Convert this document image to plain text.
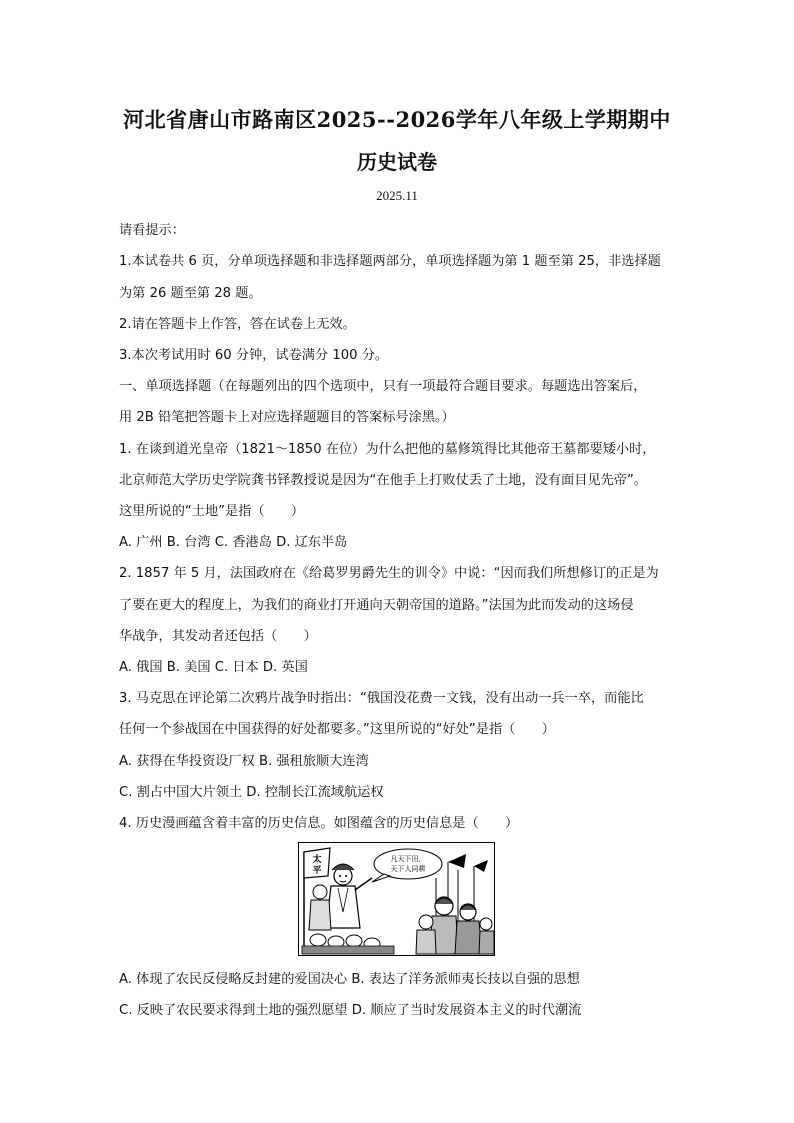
河北省唐山市路南区2025--2026学年八年级上学期期中
历史试卷
2025.11
请看提示：
1.本试卷共 6 页，分单项选择题和非选择题两部分，单项选择题为第 1 题至第 25，非选择题
为第 26 题至第 28 题。
2.请在答题卡上作答，答在试卷上无效。
3.本次考试用时 60 分钟，试卷满分 100 分。
一、单项选择题（在每题列出的四个选项中，只有一项最符合题目要求。每题选出答案后，
用 2B 铅笔把答题卡上对应选择题题目的答案标号涂黑。）
1. 在谈到道光皇帝（1821～1850 在位）为什么把他的墓修筑得比其他帝王墓都要矮小时，
北京师范大学历史学院龚书铎教授说是因为“在他手上打败仗丢了土地，没有面目见先帝”。
这里所说的“土地”是指（　　）
A. 广州 B. 台湾 C. 香港岛 D. 辽东半岛
2. 1857 年 5 月，法国政府在《给葛罗男爵先生的训令》中说：“因而我们所想修订的正是为
了要在更大的程度上，为我们的商业打开通向天朝帝国的道路。”法国为此而发动的这场侵
华战争，其发动者还包括（　　）
A. 俄国 B. 美国 C. 日本 D. 英国
3. 马克思在评论第二次鸦片战争时指出：“俄国没花费一文钱，没有出动一兵一卒，而能比
任何一个参战国在中国获得的好处都要多。”这里所说的“好处”是指（　　）
A. 获得在华投资设厂权 B. 强租旅顺大连湾
C. 割占中国大片领土 D. 控制长江流域航运权
4. 历史漫画蕴含着丰富的历史信息。如图蕴含的历史信息是（　　）
太
平
凡天下田，
天下人同耕
A. 体现了农民反侵略反封建的爱国决心 B. 表达了洋务派师夷长技以自强的思想
C. 反映了农民要求得到土地的强烈愿望 D. 顺应了当时发展资本主义的时代潮流
